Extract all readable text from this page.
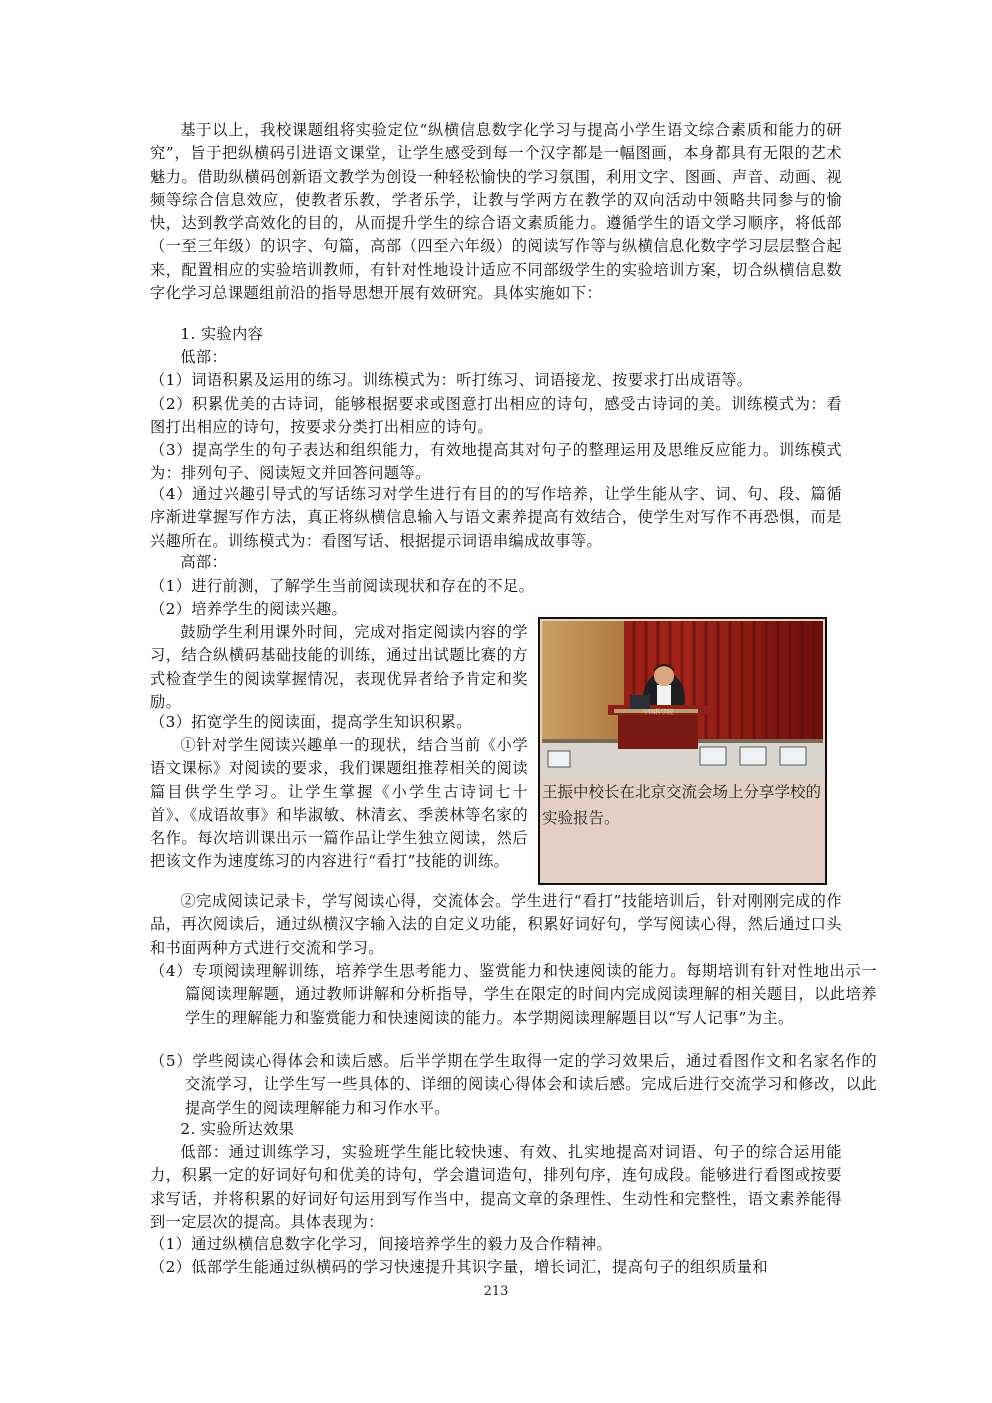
基于以上，我校课题组将实验定位“纵横信息数字化学习与提高小学生语文综合素质和能力的研究”，旨于把纵横码引进语文课堂，让学生感受到每一个汉字都是一幅图画，本身都具有无限的艺术魅力。借助纵横码创新语文教学为创设一种轻松愉快的学习氛围，利用文字、图画、声音、动画、视频等综合信息效应，使教者乐教，学者乐学，让教与学两方在教学的双向活动中领略共同参与的愉快，达到教学高效化的目的，从而提升学生的综合语文素质能力。遵循学生的语文学习顺序，将低部（一至三年级）的识字、句篇，高部（四至六年级）的阅读写作等与纵横信息化数字学习层层整合起来，配置相应的实验培训教师，有针对性地设计适应不同部级学生的实验培训方案，切合纵横信息数字化学习总课题组前沿的指导思想开展有效研究。具体实施如下：

1. 实验内容

低部：

（1）词语积累及运用的练习。训练模式为：听打练习、词语接龙、按要求打出成语等。

（2）积累优美的古诗词，能够根据要求或图意打出相应的诗句，感受古诗词的美。训练模式为：看图打出相应的诗句，按要求分类打出相应的诗句。

（3）提高学生的句子表达和组织能力，有效地提高其对句子的整理运用及思维反应能力。训练模式为：排列句子、阅读短文并回答问题等。

（4）通过兴趣引导式的写话练习对学生进行有目的的写作培养，让学生能从字、词、句、段、篇循序渐进掌握写作方法，真正将纵横信息输入与语文素养提高有效结合，使学生对写作不再恐惧，而是兴趣所在。训练模式为：看图写话、根据提示词语串编成故事等。

高部：

（1）进行前测，了解学生当前阅读现状和存在的不足。

（2）培养学生的阅读兴趣。

鼓励学生利用课外时间，完成对指定阅读内容的学习，结合纵横码基础技能的训练，通过出试题比赛的方式检查学生的阅读掌握情况，表现优异者给予肯定和奖励。

（3）拓宽学生的阅读面，提高学生知识积累。

①针对学生阅读兴趣单一的现状，结合当前《小学语文课标》对阅读的要求，我们课题组推荐相关的阅读篇目供学生学习。让学生掌握《小学生古诗词七十首》、《成语故事》和毕淑敏、林清玄、季羡林等名家的名作。每次培训课出示一篇作品让学生独立阅读，然后把该文作为速度练习的内容进行“看打”技能的训练。

②完成阅读记录卡，学写阅读心得，交流体会。学生进行“看打”技能培训后，针对刚刚完成的作品，再次阅读后，通过纵横汉字输入法的自定义功能，积累好词好句，学写阅读心得，然后通过口头和书面两种方式进行交流和学习。

（4）专项阅读理解训练，培养学生思考能力、鉴赏能力和快速阅读的能力。每期培训有针对性地出示一篇阅读理解题，通过教师讲解和分析指导，学生在限定的时间内完成阅读理解的相关题目，以此培养学生的理解能力和鉴赏能力和快速阅读的能力。本学期阅读理解题目以“写人记事”为主。

（5）学些阅读心得体会和读后感。后半学期在学生取得一定的学习效果后，通过看图作文和名家名作的交流学习，让学生写一些具体的、详细的阅读心得体会和读后感。完成后进行交流学习和修改，以此提高学生的阅读理解能力和习作水平。

2. 实验所达效果

低部：通过训练学习，实验班学生能比较快速、有效、扎实地提高对词语、句子的综合运用能力，积累一定的好词好句和优美的诗句，学会遣词造句，排列句序，连句成段。能够进行看图或按要求写话，并将积累的好词好句运用到写作当中，提高文章的条理性、生动性和完整性，语文素养能得到一定层次的提高。具体表现为：

（1）通过纵横信息数字化学习，间接培养学生的毅力及合作精神。

（2）低部学生能通过纵横码的学习快速提升其识字量，增长词汇，提高句子的组织质量和

中国科学院
王振中校长在北京交流会场上分享学校的实验报告。
213
